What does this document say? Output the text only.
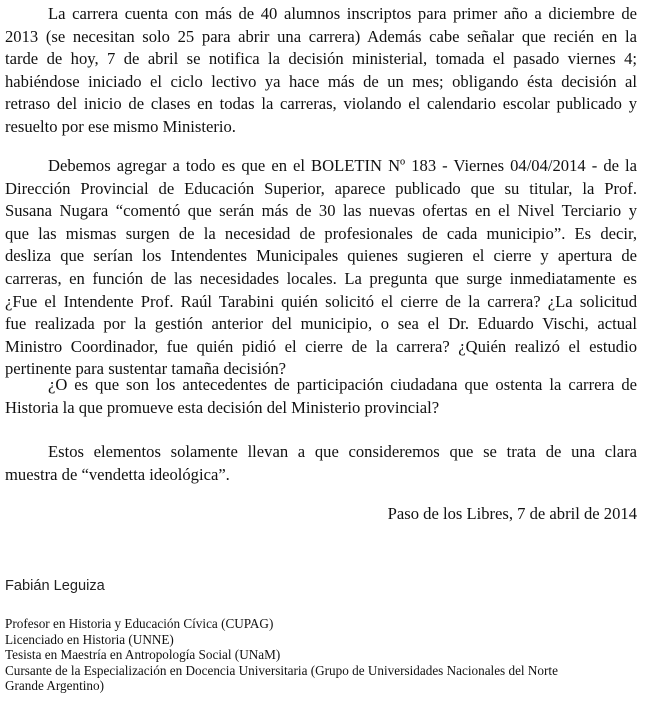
La carrera cuenta con más de 40 alumnos inscriptos para primer año a diciembre de
2013 (se necesitan solo 25 para abrir una carrera) Además cabe señalar que recién en la
tarde de hoy, 7 de abril se notifica la decisión ministerial, tomada el pasado viernes 4;
habiéndose iniciado el ciclo lectivo ya hace más de un mes; obligando ésta decisión al
retraso del inicio de clases en todas la carreras, violando el calendario escolar publicado y
resuelto por ese mismo Ministerio.

Debemos agregar a todo es que en el BOLETIN Nº 183 - Viernes 04/04/2014 - de la
Dirección Provincial de Educación Superior, aparece publicado que su titular, la Prof.
Susana Nugara “comentó que serán más de 30 las nuevas ofertas en el Nivel Terciario y
que las mismas surgen de la necesidad de profesionales de cada municipio”. Es decir,
desliza que serían los Intendentes Municipales quienes sugieren el cierre y apertura de
carreras, en función de las necesidades locales. La pregunta que surge inmediatamente es
¿Fue el Intendente Prof. Raúl Tarabini quién solicitó el cierre de la carrera? ¿La solicitud
fue realizada por la gestión anterior del municipio, o sea el Dr. Eduardo Vischi, actual
Ministro Coordinador, fue quién pidió el cierre de la carrera? ¿Quién realizó el estudio
pertinente para sustentar tamaña decisión?

¿O es que son los antecedentes de participación ciudadana que ostenta la carrera de
Historia la que promueve esta decisión del Ministerio provincial?

Estos elementos solamente llevan a que consideremos que se trata de una clara
muestra de “vendetta ideológica”.

Paso de los Libres, 7 de abril de 2014

Fabián Leguiza

Profesor en Historia y Educación Cívica (CUPAG)
Licenciado en Historia (UNNE)
Tesista en Maestría en Antropología Social (UNaM)
Cursante de la Especialización en Docencia Universitaria (Grupo de Universidades Nacionales del Norte
Grande Argentino)
